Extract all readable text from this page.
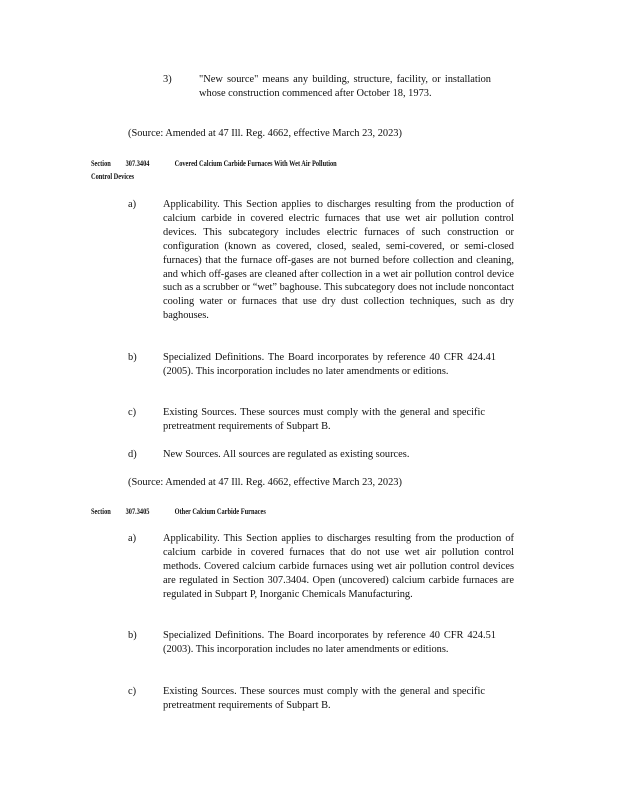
3)	"New source" means any building, structure, facility, or installation whose construction commenced after October 18, 1973.
(Source: Amended at 47 Ill. Reg. 4662, effective March 23, 2023)
Section 307.3404	Covered Calcium Carbide Furnaces With Wet Air Pollution
Control Devices
a)	Applicability. This Section applies to discharges resulting from the production of calcium carbide in covered electric furnaces that use wet air pollution control devices. This subcategory includes electric furnaces of such construction or configuration (known as covered, closed, sealed, semi-covered, or semi-closed furnaces) that the furnace off-gases are not burned before collection and cleaning, and which off-gases are cleaned after collection in a wet air pollution control device such as a scrubber or “wet” baghouse. This subcategory does not include noncontact cooling water or furnaces that use dry dust collection techniques, such as dry baghouses.
b)	Specialized Definitions. The Board incorporates by reference 40 CFR 424.41 (2005). This incorporation includes no later amendments or editions.
c)	Existing Sources. These sources must comply with the general and specific pretreatment requirements of Subpart B.
d)	New Sources. All sources are regulated as existing sources.
(Source: Amended at 47 Ill. Reg. 4662, effective March 23, 2023)
Section 307.3405	Other Calcium Carbide Furnaces
a)	Applicability. This Section applies to discharges resulting from the production of calcium carbide in covered furnaces that do not use wet air pollution control methods. Covered calcium carbide furnaces using wet air pollution control devices are regulated in Section 307.3404. Open (uncovered) calcium carbide furnaces are regulated in Subpart P, Inorganic Chemicals Manufacturing.
b)	Specialized Definitions. The Board incorporates by reference 40 CFR 424.51 (2003). This incorporation includes no later amendments or editions.
c)	Existing Sources. These sources must comply with the general and specific pretreatment requirements of Subpart B.
